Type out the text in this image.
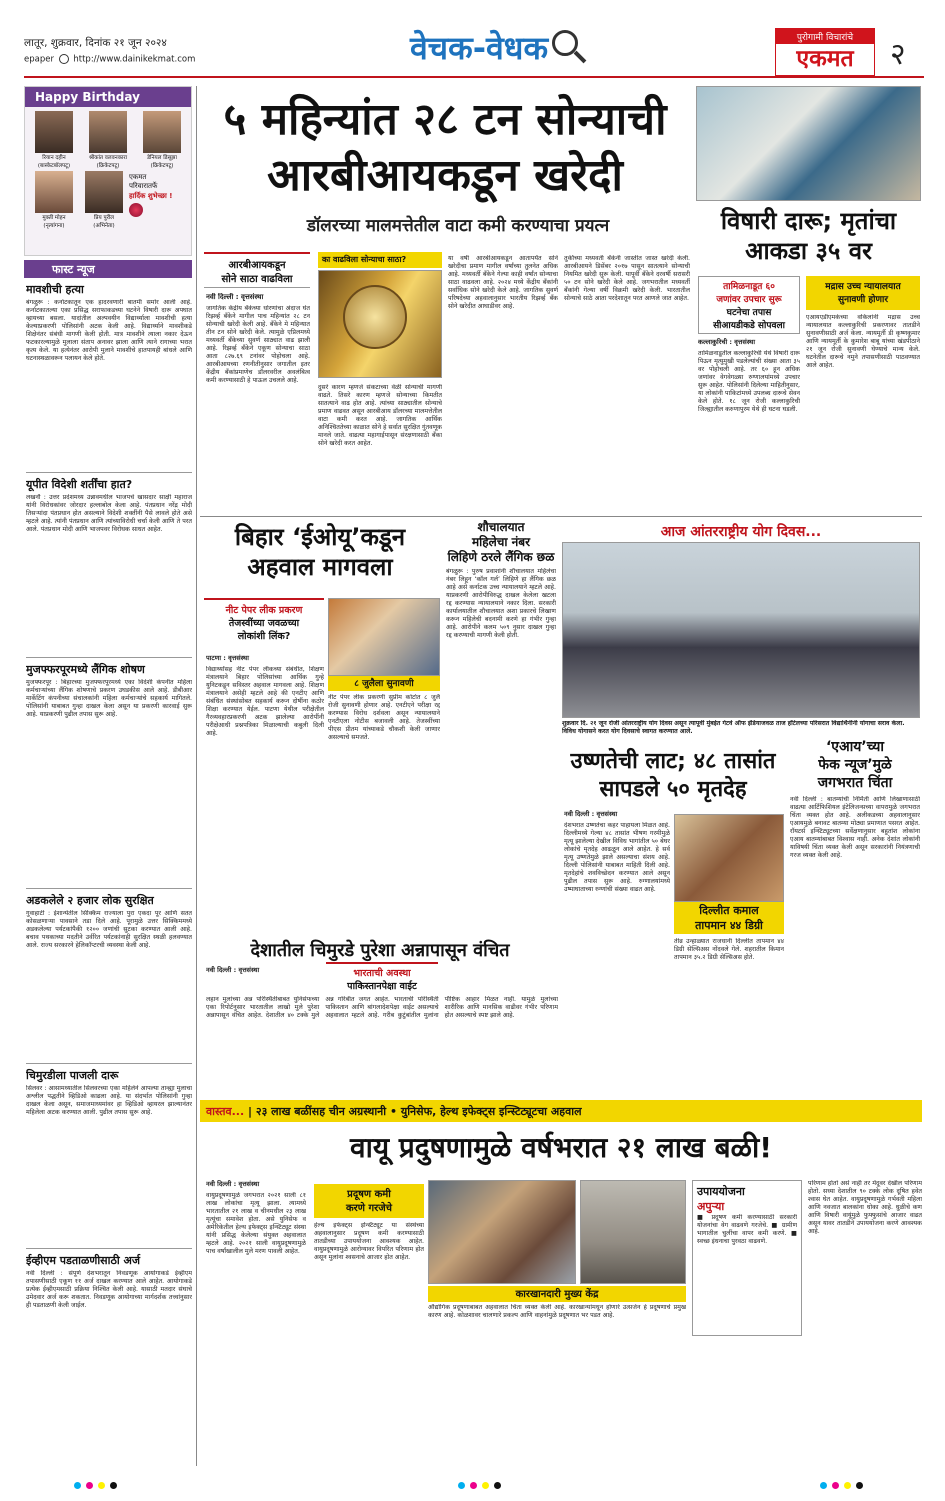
लातूर, शुक्रवार, दिनांक २१ जून २०२४
epaper http://www.dainikekmat.com	वेचक-वेधक	पुरोगामी विचारांचे
एकमत	२
Happy Birthday
रियान दहीन
(बास्केटबॉलपटू)
श्रीकांत वलवनकारा
(क्रिकेटपटू)
डेनियल डिसूझा
(क्रिकेटपटू)
मुक्ती मोहन
(नृत्यांगना)
प्रिय पुरील
(अभिनेता)
एकमत
परिवारातर्फे
हार्दिक शुभेच्छा !
फास्ट न्यूज
मावशीची हत्या
बंगळुरू : कर्नाटकातून एक हादरवणारी बातमी समोर आली आहे. कर्नाटकातल्या एका प्रसिद्ध सराफाकडच्या घटनेने विषारी दारू अपघात व्हायच्या बसला. यादांतील अल्पवयीन विद्यार्थ्याला मावशीची हत्या केल्याप्रकरणी पोलिसांनी अटक केली आहे. विद्यार्थ्याने मावशीकडे शिक्षेनंतर संबंधी मागणी केली होती. मात्र मावशीने त्याला नकार देऊन फटकारल्यामुळे मुलाला संताप अनावर झाला आणि त्याने रागाच्या भरात कृत्य केले. या हत्येनंतर आरोपी मुलाने मावशीचे हातपायही बांधले आणि घटनास्थळावरून पलायन केले होते.
यूपीत विदेशी शर्तींचा हात?
लखनौ : उत्तर प्रदेशमध्य उन्नावमधील भाजपचे खासदार साक्षी महाराज यांनी विरोधकांवर जोरदार हल्लाबोल केला आहे. पंतप्रधान नरेंद्र मोदी तिसऱ्यांदा पंतप्रधान होत असल्याने विदेशी शक्तींनी पैसे लावले होते असे म्हटले आहे. त्यांनी पंतप्रधान आणि त्यांच्याविरोधी चर्चा केली आणि ते परत आले. पंतप्रधान मोदी आणि भाजपवर विरोधक साधत आहेत.
मुजफ्फरपूरमध्ये लैंगिक शोषण
मुजफ्फरपूर : बिहारच्या मुजफ्फरपूरमध्ये एका विदेशी कंपनीत महिला कर्मचाऱ्यांच्या लैंगिक शोषणाचे प्रकरण उघडकीस आले आहे. डीबीआर मार्केटिंग कंपनीच्या संचालकांनी महिला कर्मचाऱ्यांचे सहकार्य मागितले. पोलिसांनी याबाबत गुन्हा दाखल केला असून या प्रकरणी कारवाई सुरू आहे. याप्रकरणी पुढील तपास सुरू आहे.
अडकलेले २ हजार लोक सुरक्षित
गुवाहाटी : ईशान्येतील सिक्किम राज्याला पुरा एकदा पूर आणि सतत कोसळणाऱ्या पावसाने तडा दिले आहे. पूरामुळे उत्तर सिक्किममध्ये अडकलेल्या पर्यटकांपैकी १२०० जणांची सुटका करण्यात आली आहे. बचाव पथकाच्या मदतीने उर्वरित पर्यटकांनाही सुरक्षित स्थळी हलवण्यात आले. राज्य सरकारने हेलिकॉप्टरची व्यवस्था केली आहे.
चिमुरडीला पाजली दारू
सिलवर : आसामध्यातील सिलवरच्या एका महिलेने आपल्या तान्ह्या मुलाचा अश्लील पद्धतीने व्हिडिओ काढला आहे. या संदर्भात पोलिसांनी गुन्हा दाखल केला असून, समाजमाध्यमांवर हा व्हिडिओ व्हायरल झाल्यानंतर महिलेला अटक करण्यात आली. पुढील तपास सुरू आहे.
ईव्हीएम पडताळणीसाठी अर्ज
नवी दिल्ली : संपूर्ण देशभरातून निवडणूक आयोगाकडे ईव्हीएम तपासणीसाठी एकूण ११ अर्ज दाखल करण्यात आले आहेत. आयोगाकडे प्रत्येक ईव्हीएमसाठी प्रक्रिया निश्चित केली आहे. यासाठी मतदार संघाचे उमेदवार अर्ज करू शकतात. निवडणूक आयोगाच्या मार्गदर्शक तत्त्वांनुसार ही पडताळणी केली जाईल.
५ महिन्यांत २८ टन सोन्याची
आरबीआयकडून खरेदी
डॉलरच्या मालमत्तेतील वाटा कमी करण्याचा प्रयत्न
आरबीआयकडून
सोने साठा वाढविला
का वाढविला सोन्याचा साठा?
नवी दिल्ली : वृत्तसंस्था
जागतिक केंद्रीय बँकेच्या धोरणांचा अंदाज घेत रिझर्व्ह बँकेने मागील पाच महिन्यांत २८ टन सोन्याची खरेदी केली आहे. बँकेने मे महिन्यात तीन टन सोने खरेदी केले. त्यामुळे एप्रिलमध्ये मध्यवर्ती बँकेच्या सुवर्ण साठ्यात वाढ झाली आहे. रिझर्व्ह बँकेने एकूण सोन्याचा साठा आता ८२७.६९ टनांवर पोहोचला आहे. आरबीआयच्या रणनीतीनुसार जगातील इतर केंद्रीय बँकांप्रमाणेच डॉलरवरील अवलंबित्व कमी करण्यासाठी हे पाऊल उचलले आहे.
दुसरे कारण म्हणजे संकटाच्या वेळी सोन्याची मागणी वाढते. तिसरे कारण म्हणजे सोन्याच्या किमतीत सातत्याने वाढ होत आहे. त्यांच्या साठ्यातील सोन्याचे प्रमाण वाढवत असून आरबीआय डॉलरच्या मालमत्तेतील वाटा कमी करत आहे. जागतिक आर्थिक अनिश्चिततेच्या काळात सोने हे सर्वात सुरक्षित गुंतवणूक मानले जाते. वाढत्या महागाईपासून संरक्षणासाठी बँका सोने खरेदी करत आहेत.
या वर्षी आरबीआयकडून आतापर्यंत सोने खरेदीचा प्रमाण मागील वर्षांच्या तुलनेत अधिक आहे. मध्यवर्ती बँकेने गेल्या काही वर्षांत सोन्याचा साठा वाढवला आहे. २०२४ मध्ये केंद्रीय बँकांनी सर्वाधिक सोने खरेदी केले आहे. जागतिक सुवर्ण परिषदेच्या अहवालानुसार भारतीय रिझर्व्ह बँक सोने खरेदीत आघाडीवर आहे.
तुर्कीच्या मध्यवर्ती बँकेनी जास्तीत जास्त खरेदी केली. आरबीआयने डिसेंबर २०१७ पासून सातत्याने सोन्याची नियमित खरेदी सुरू केली. यापूर्वी बँकेने दरवर्षी सरासरी ५० टन सोने खरेदी केले आहे. जगभरातील मध्यवर्ती बँकांनी गेल्या वर्षी विक्रमी खरेदी केली. भारतातील सोन्याचे साठे आता परदेशातून परत आणले जात आहेत.
विषारी दारू; मृतांचा
आकडा ३५ वर
तामिळनाडूत ६०
जणांवर उपचार सुरू
घटनेचा तपास
सीआयडीकडे सोपवला
कल्लाकुरिची : वृत्तसंस्था
तामिळनाडूतील कल्लाकुरिची येथे विषारी दारू पिऊन मृत्युमुखी पडलेल्यांची संख्या आता ३५ वर पोहोचली आहे. तर ६० हून अधिक जणांवर वेगवेगळ्या रुग्णालयांमध्ये उपचार सुरू आहेत. पोलिसांनी दिलेल्या माहितीनुसार, या लोकांनी पाकिटांमध्ये उपलब्ध दारूचे सेवन केले होते. १८ जून रोजी कल्लाकुरिची जिल्ह्यातील करुणापुरम येथे ही घटना घडली.
मद्रास उच्च न्यायालयात
सुनावणी होणार
एआयएडीएमकेच्या वकिलांनी मद्रास उच्च न्यायालयात कल्लाकुरिची प्रकरणावर तातडीने सुनावणीसाठी अर्ज केला. न्यायमूर्ती डी कृष्णकुमार आणि न्यायमूर्ती के कुमारेश बाबू यांच्या खंडपीठाने २१ जून रोजी सुनावणी घेण्याचे मान्य केले. घटनेतील दारूचे नमुने तपासणीसाठी पाठवण्यात आले आहेत.
बिहार ‘ईओयू’कडून
अहवाल मागवला
नीट पेपर लीक प्रकरण
तेजस्वींच्या जवळच्या
लोकांशी लिंक?
८ जुलैला सुनावणी
पाटणा : वृत्तसंस्था
विद्यार्थ्यांसह नीट पेपर लीकच्या संबंधीत, शिक्षण मंत्रालयाने बिहार पोलिसांच्या आर्थिक गुन्हे युनिटकडून सविस्तर अहवाल मागवला आहे. शिक्षण मंत्रालयाने असेही म्हटले आहे की एनटीए आणि संबंधित संस्थांसोबत सहकार्य करून दोषींना कठोर शिक्षा करण्यात येईल. पाटणा येथील परीक्षेतील गैरव्यवहारप्रकरणी अटक झालेल्या आरोपींनी परीक्षेआधी प्रश्नपत्रिका मिळाल्याची कबुली दिली आहे.
नीट पेपर लीक प्रकरणी सुप्रीम कोर्टात ८ जुलै रोजी सुनावणी होणार आहे. एनटीएने परीक्षा रद्द करण्यास विरोध दर्शवला असून न्यायालयाने एनटीएला नोटीस बजावली आहे. तेजस्वींच्या पीएस प्रीतम यांच्याकडे चौकशी केली जाणार असल्याचे समजते.
शौचालयात
महिलेचा नंबर
लिहिणे ठरले लैंगिक छळ
बंगळुरू : पुरुष प्रवाशांनी शौचालयात महिलेचा नंबर लिहून ‘कॉल गर्ल’ लिहिणे हा लैंगिक छळ आहे असे कर्नाटक उच्च न्यायालयाने म्हटले आहे. याप्रकरणी आरोपीविरुद्ध दाखल केलेला खटला रद्द करण्यास न्यायालयाने नकार दिला. सरकारी कार्यालयातील शौचालयात अशा प्रकारचे लिखाण करून महिलेची बदनामी करणे हा गंभीर गुन्हा आहे. आरोपीने कलम ५०९ नुसार दाखल गुन्हा रद्द करण्याची मागणी केली होती.
आज आंतरराष्ट्रीय योग दिवस...
शुक्रवार दि. २१ जून रोजी आंतरराष्ट्रीय योग दिवस असून त्यापूर्वी मुंबईत गेटवे ऑफ इंडियाजवळ ताज हॉटेलच्या परिसरात विद्यार्थिनींनी योगाचा सराव केला. विविध योगासने करत योग दिवसाचे स्वागत करण्यात आले.
उष्णतेची लाट; ४८ तासांत
सापडले ५० मृतदेह
नवी दिल्ली : वृत्तसंस्था
देशभरात उष्णतेचा कहर पाहायला मिळत आहे. दिल्लीमध्ये गेल्या ४८ तासांत भीषण गरमीमुळे मृत्यू झालेल्या देखील विविध भागांतील ५० बेघर लोकांचे मृतदेह आढळून आले आहेत. हे सर्व मृत्यू उष्णतेमुळे झाले असल्याचा संशय आहे. दिल्ली पोलिसांनी याबाबत माहिती दिली आहे. मृतदेहांचे शवविच्छेदन करण्यात आले असून पुढील तपास सुरू आहे. रुग्णालयांमध्ये उष्माघाताच्या रुग्णांची संख्या वाढत आहे.
दिल्लीत कमाल
तापमान ४४ डिग्री
तीव्र उन्हाळ्यात राजधानी दिल्लीत तापमान ४४ डिग्री सेल्सिअस नोंदवले गेले. शहरातील किमान तापमान ३५.२ डिग्री सेल्सिअस होते.
‘एआय’च्या
फेक न्यूज’मुळे
जगभरात चिंता
नवी दिल्ली : बातम्यांची निर्मिती आणि लिखाणासाठी वाढत्या आर्टिफिशियल इंटेलिजन्सच्या वापरामुळे जगभरात चिंता व्यक्त होत आहे. अलीकडच्या अहवालानुसार एआयमुळे बनावट बातम्या मोठ्या प्रमाणात पसरत आहेत. रॉयटर्स इन्स्टिट्यूटच्या सर्वेक्षणानुसार बहुतांश लोकांना एआय बातम्यांबाबत विश्वास नाही. अनेक देशांत लोकांनी याविषयी चिंता व्यक्त केली असून सरकारांनी नियंत्रणाची गरज व्यक्त केली आहे.
देशातील चिमुरडे पुरेशा अन्नापासून वंचित
नवी दिल्ली : वृत्तसंस्था	भारताची अवस्था
पाकिस्तानपेक्षा वाईट
लहान मुलांच्या अन्न परिस्थितीबाबत युनिसेफच्या एका रिपोर्टनुसार भारतातील लाखो मुले पुरेशा अन्नापासून वंचित आहेत. देशातील ४० टक्के मुले अन्न गरिबीत जगत आहेत. भारताची परिस्थिती पाकिस्तान आणि बांगलादेशपेक्षा वाईट असल्याचे अहवालात म्हटले आहे. गरीब कुटुंबांतील मुलांना पौष्टिक आहार मिळत नाही. यामुळे मुलांच्या शारीरिक आणि मानसिक वाढीवर गंभीर परिणाम होत असल्याचे स्पष्ट झाले आहे.
वास्तव... | २३ लाख बळींसह चीन अग्रस्थानी • युनिसेफ, हेल्थ इफेक्ट्स इन्स्टिट्यूटचा अहवाल
वायू प्रदुषणामुळे वर्षभरात २१ लाख बळी!
नवी दिल्ली : वृत्तसंस्था
वायुप्रदूषणामुळे जगभरात २०२१ साली ८१ लाख लोकांचा मृत्यू झाला. त्यामध्ये भारतातील २१ लाख व चीनमधील २३ लाख मृत्यूंचा समावेश होता. असे युनिसेफ व अमेरिकेतील हेल्थ इफेक्ट्स इन्स्टिट्यूट संस्था यांनी प्रसिद्ध केलेल्या संयुक्त अहवालात म्हटले आहे. २०२१ साली वायुप्रदूषणामुळे पाच वर्षांखालील मुले मरण पावली आहेत.
प्रदूषण कमी
करणे गरजेचे
हेल्थ इफेक्ट्स इन्स्टिट्यूट या संस्थेच्या अहवालानुसार प्रदूषण कमी करण्यासाठी तातडीच्या उपाययोजना आवश्यक आहेत. वायुप्रदूषणामुळे आरोग्यावर विपरित परिणाम होत असून मुलांना श्वसनाचे आजार होत आहेत.
कारखानदारी मुख्य केंद्र
औद्योगिक प्रदूषणाबाबत अहवालात चिंता व्यक्त केली आहे. कारखान्यांमधून होणारे उत्सर्जन हे प्रदूषणाचे प्रमुख कारण आहे. कोळशावर चालणारे प्रकल्प आणि वाहनांमुळे प्रदूषणात भर पडत आहे.
उपाययोजना
अपुऱ्या
■ प्रदूषण कमी करण्यासाठी सरकारी योजनांचा वेग वाढवणे गरजेचे. ■ ग्रामीण भागातील चुलींचा वापर कमी करणे. ■ स्वच्छ इंधनाचा पुरवठा वाढवणे.
परिणाम होतो असे नाही तर मेंदूवर देखील परिणाम होतो. सध्या देशातील ९० टक्के लोक दूषित हवेत श्वास घेत आहेत. वायुप्रदूषणामुळे गर्भवती महिला आणि नवजात बालकांना धोका आहे. धुळीचे कण आणि विषारी वायूंमुळे फुफ्फुसांचे आजार वाढत असून यावर तातडीने उपाययोजना करणे आवश्यक आहे.
